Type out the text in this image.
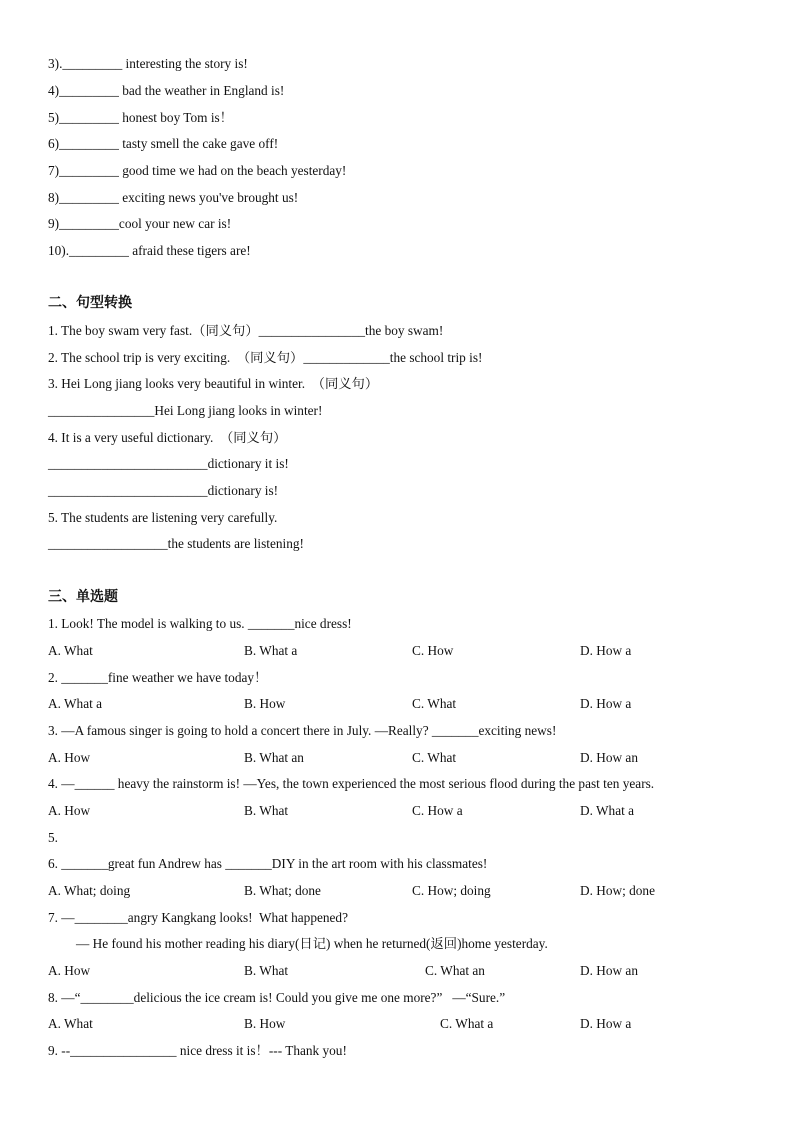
3)._________ interesting the story is!
4)_________ bad the weather in England is!
5)_________ honest boy Tom is！
6)_________ tasty smell the cake gave off!
7)_________ good time we had on the beach yesterday!
8)_________ exciting news you've brought us!
9)_________cool your new car is!
10)._________ afraid these tigers are!
二、句型转换
1. The boy swam very fast.（同义句）________________the boy swam!
2. The school trip is very exciting.  （同义句）_____________the school trip is!
3. Hei Long jiang looks very beautiful in winter.  （同义句）
________________Hei Long jiang looks in winter!
4. It is a very useful dictionary.  （同义句）
________________________dictionary it is!
________________________dictionary is!
5. The students are listening very carefully.
__________________the students are listening!
三、单选题
1. Look! The model is walking to us. _______nice dress!
A. What	B. What a	C. How	D. How a
2. _______fine weather we have today！
A. What a	B. How	C. What	D. How a
3. —A famous singer is going to hold a concert there in July. —Really? _______exciting news!
A. How	B. What an	C. What	D. How an
4. —______ heavy the rainstorm is! —Yes, the town experienced the most serious flood during the past ten years.
A. How	B. What	C. How a	D. What a
5.
6. _______great fun Andrew has _______DIY in the art room with his classmates!
A. What; doing	B. What; done	C. How; doing	D. How; done
7. —________angry Kangkang looks!  What happened?
— He found his mother reading his diary(日记) when he returned(返回)home yesterday.
A. How	B. What	C. What an	D. How an
8. —“________delicious the ice cream is! Could you give me one more?”   —“Sure.”
A. What	B. How	C. What a	D. How a
9. --________________ nice dress it is！--- Thank you!
